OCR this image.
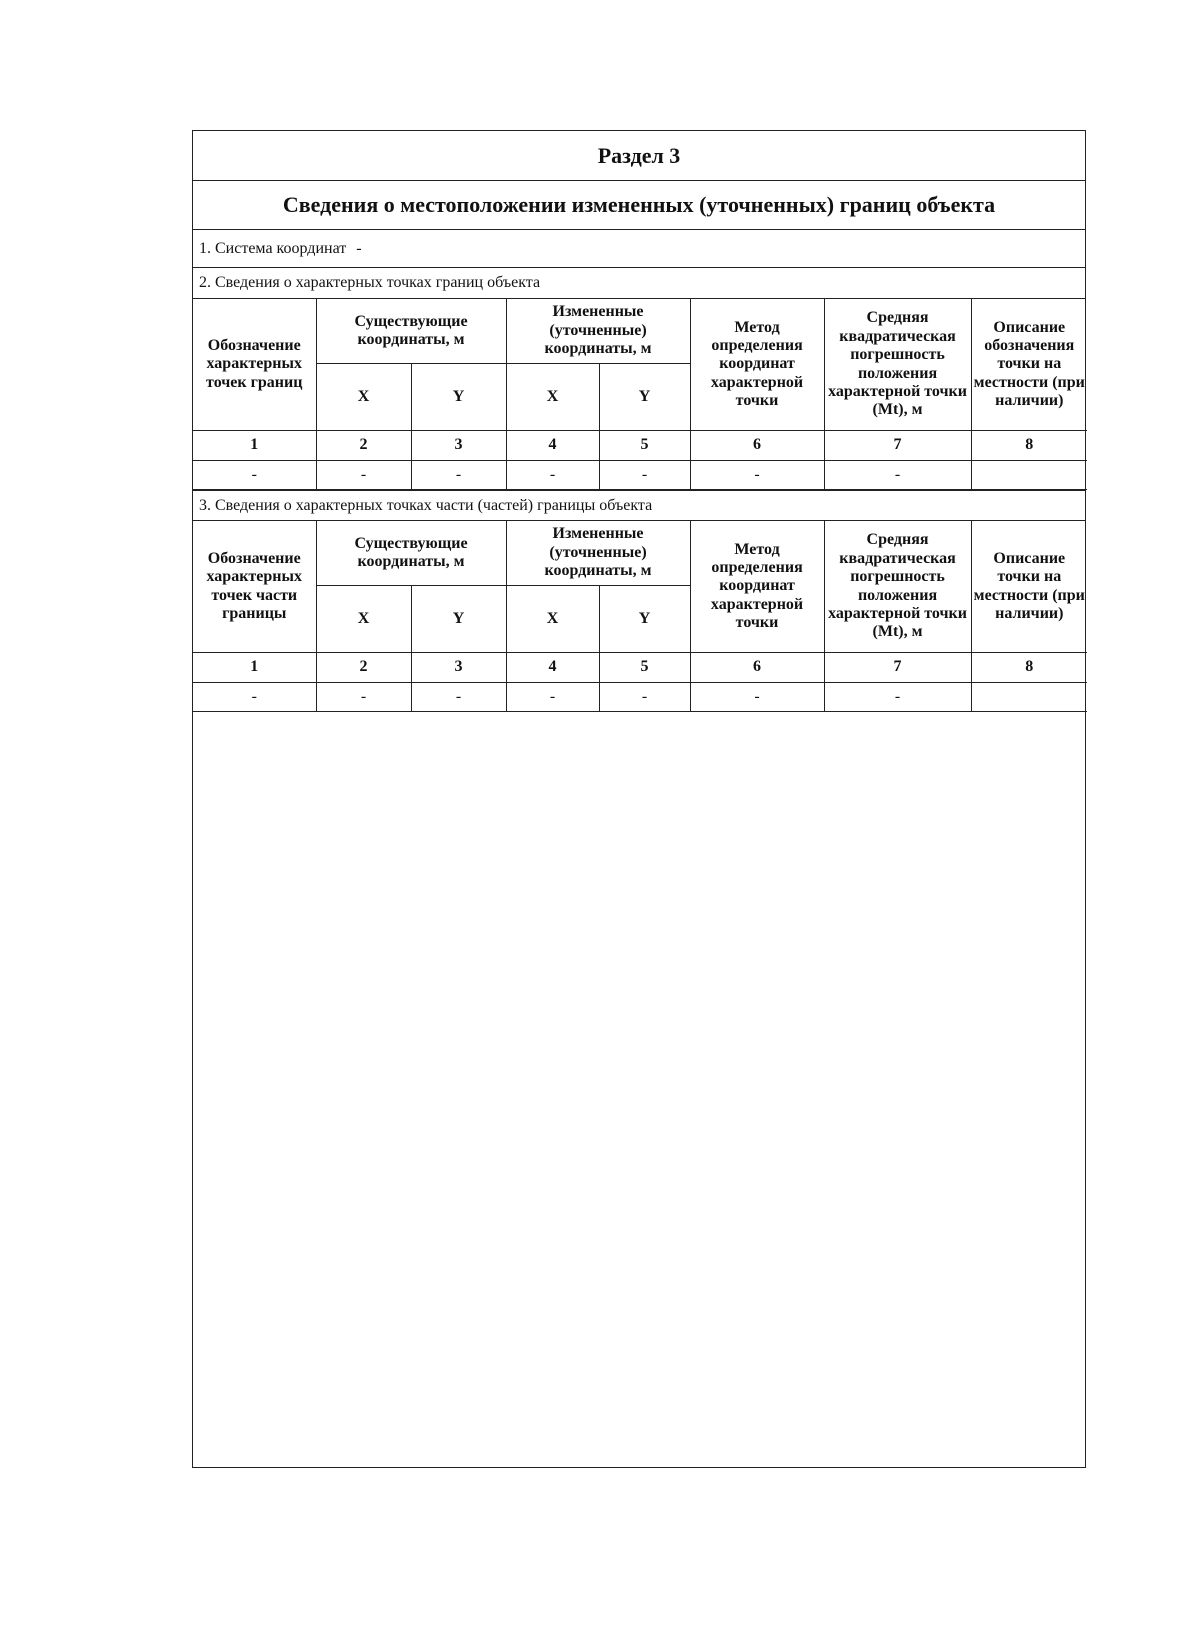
Раздел 3
Сведения о местоположении измененных (уточненных) границ объекта
1. Система координат -
2. Сведения о характерных точках границ объекта
Обозначение характерных точек границ	Существующие координаты, м		Измененные (уточненные) координаты, м		Метод определения координат характерной точки	Средняя квадратическая погрешность положения характерной точки (Mt), м	Описание обозначения точки на местности (при наличии)
	X	Y	X	Y			
1	2	3	4	5	6	7	8
-	-	-	-	-	-	-	
3. Сведения о характерных точках части (частей) границы объекта
Обозначение характерных точек части границы	Существующие координаты, м		Измененные (уточненные) координаты, м		Метод определения координат характерной точки	Средняя квадратическая погрешность положения характерной точки (Mt), м	Описание точки на местности (при наличии)
	X	Y	X	Y			
1	2	3	4	5	6	7	8
-	-	-	-	-	-	-	
